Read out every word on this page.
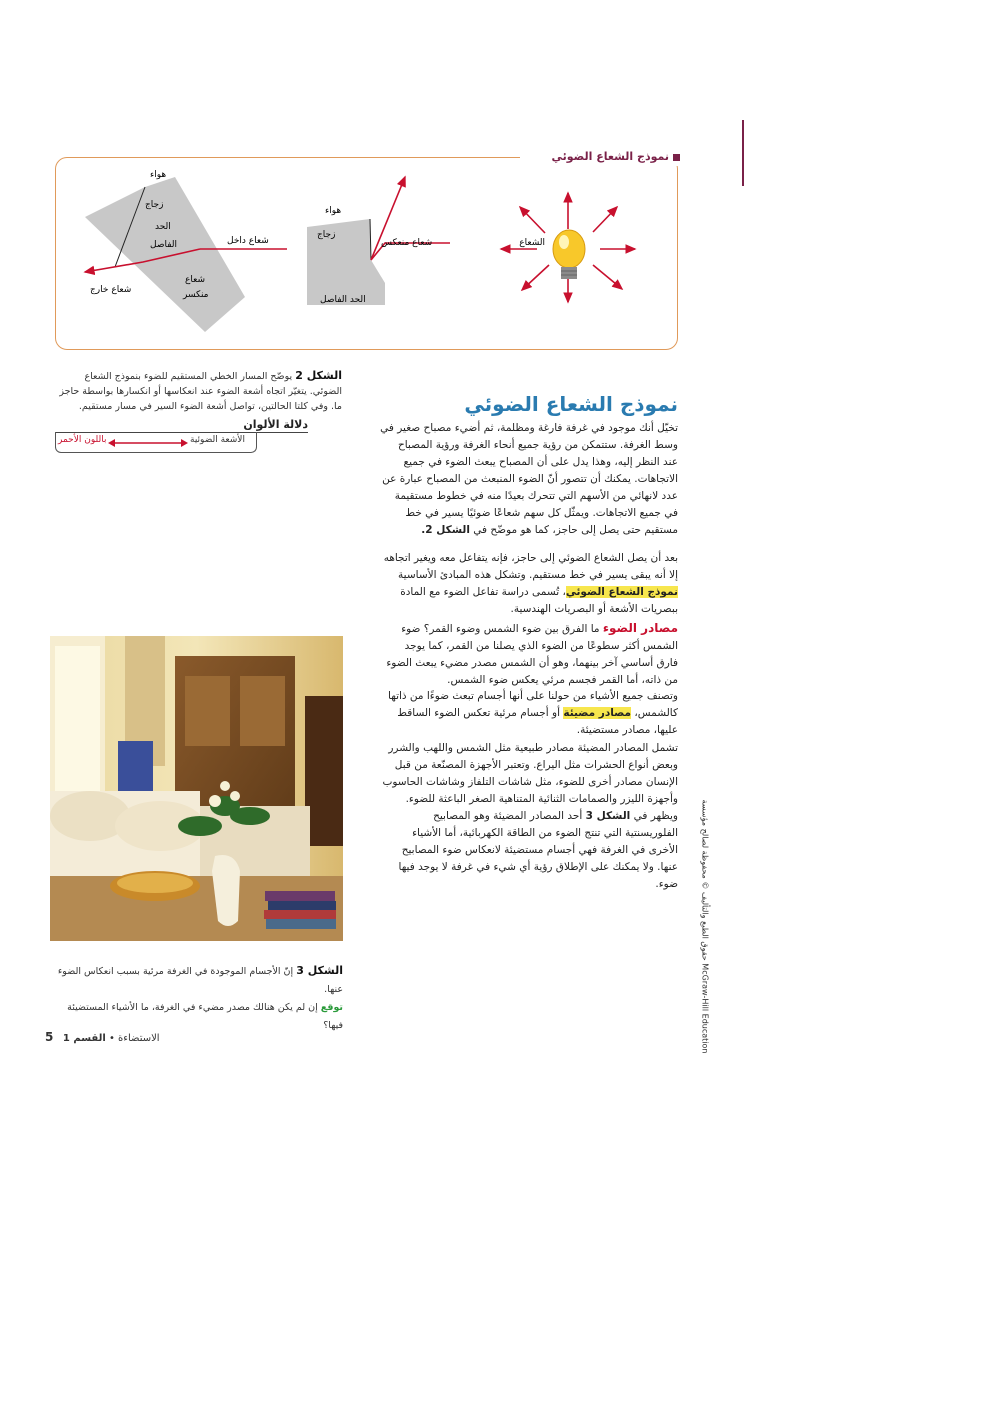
نموذج الشعاع الضوئي
الشعاع
هواء
زجاج
شعاع منعكس
الحد الفاصل
هواء
زجاج
الحد
الفاصل	شعاع داخل
شعاع
منكسر
شعاع خارج
الشكل 2 يوضّح المسار الخطي المستقيم للضوء بنموذج الشعاع الضوئي. يتغيّر اتجاه أشعة الضوء عند انعكاسها أو انكسارها بواسطة حاجز ما. وفي كلتا الحالتين، تواصل أشعة الضوء السير في مسار مستقيم.
دلالة الألوان
باللون الأحمر	الأشعة الضوئية
نموذج الشعاع الضوئي
تخيّل أنك موجود في غرفة فارغة ومظلمة، ثم أضيء مصباح صغير في وسط الغرفة. ستتمكن من رؤية جميع أنحاء الغرفة ورؤية المصباح عند النظر إليه، وهذا يدل على أن المصباح يبعث الضوء في جميع الاتجاهات. يمكنك أن تتصور أنّ الضوء المنبعث من المصباح عبارة عن عدد لانهائي من الأسهم التي تتحرك بعيدًا منه في خطوط مستقيمة في جميع الاتجاهات. ويمثّل كل سهم شعاعًا ضوئيًا يسير في خط مستقيم حتى يصل إلى حاجز، كما هو موضّح في الشكل 2.
بعد أن يصل الشعاع الضوئي إلى حاجز، فإنه يتفاعل معه ويغير اتجاهه إلا أنه يبقى يسير في خط مستقيم. وتشكل هذه المبادئ الأساسية نموذج الشعاع الضوئي، تُسمى دراسة تفاعل الضوء مع المادة ببصريات الأشعة أو البصريات الهندسية.
مصادر الضوء ما الفرق بين ضوء الشمس وضوء القمر؟ ضوء الشمس أكثر سطوعًا من الضوء الذي يصلنا من القمر، كما يوجد فارق أساسي آخر بينهما، وهو أن الشمس مصدر مضيء يبعث الضوء من ذاته، أما القمر فجسم مرئي يعكس ضوء الشمس.
وتصنف جميع الأشياء من حولنا على أنها أجسام تبعث ضوءًا من ذاتها كالشمس، مصادر مضيئة أو أجسام مرئية تعكس الضوء الساقط عليها، مصادر مستضيئة.
تشمل المصادر المضيئة مصادر طبيعية مثل الشمس واللهب والشرر وبعض أنواع الحشرات مثل اليراع. وتعتبر الأجهزة المصنّعة من قبل الإنسان مصادر أخرى للضوء، مثل شاشات التلفاز وشاشات الحاسوب وأجهزة الليزر والصمامات الثنائية المتناهية الصغر الباعثة للضوء. ويظهر في الشكل 3 أحد المصادر المضيئة وهو المصابيح الفلوريسنتية التي تنتج الضوء من الطاقة الكهربائية، أما الأشياء الأخرى في الغرفة فهي أجسام مستضيئة لانعكاس ضوء المصابيح عنها. ولا يمكنك على الإطلاق رؤية أي شيء في غرفة لا يوجد فيها ضوء.
الشكل 3 إنّ الأجسام الموجودة في الغرفة مرئية بسبب انعكاس الضوء عنها.
توقع إن لم يكن هنالك مصدر مضيء في الغرفة، ما الأشياء المستضيئة فيها؟
5	الاستضاءة • القسم 1
حقوق الطبع والتأليف © محفوظة لصالح مؤسسة McGraw-Hill Education
